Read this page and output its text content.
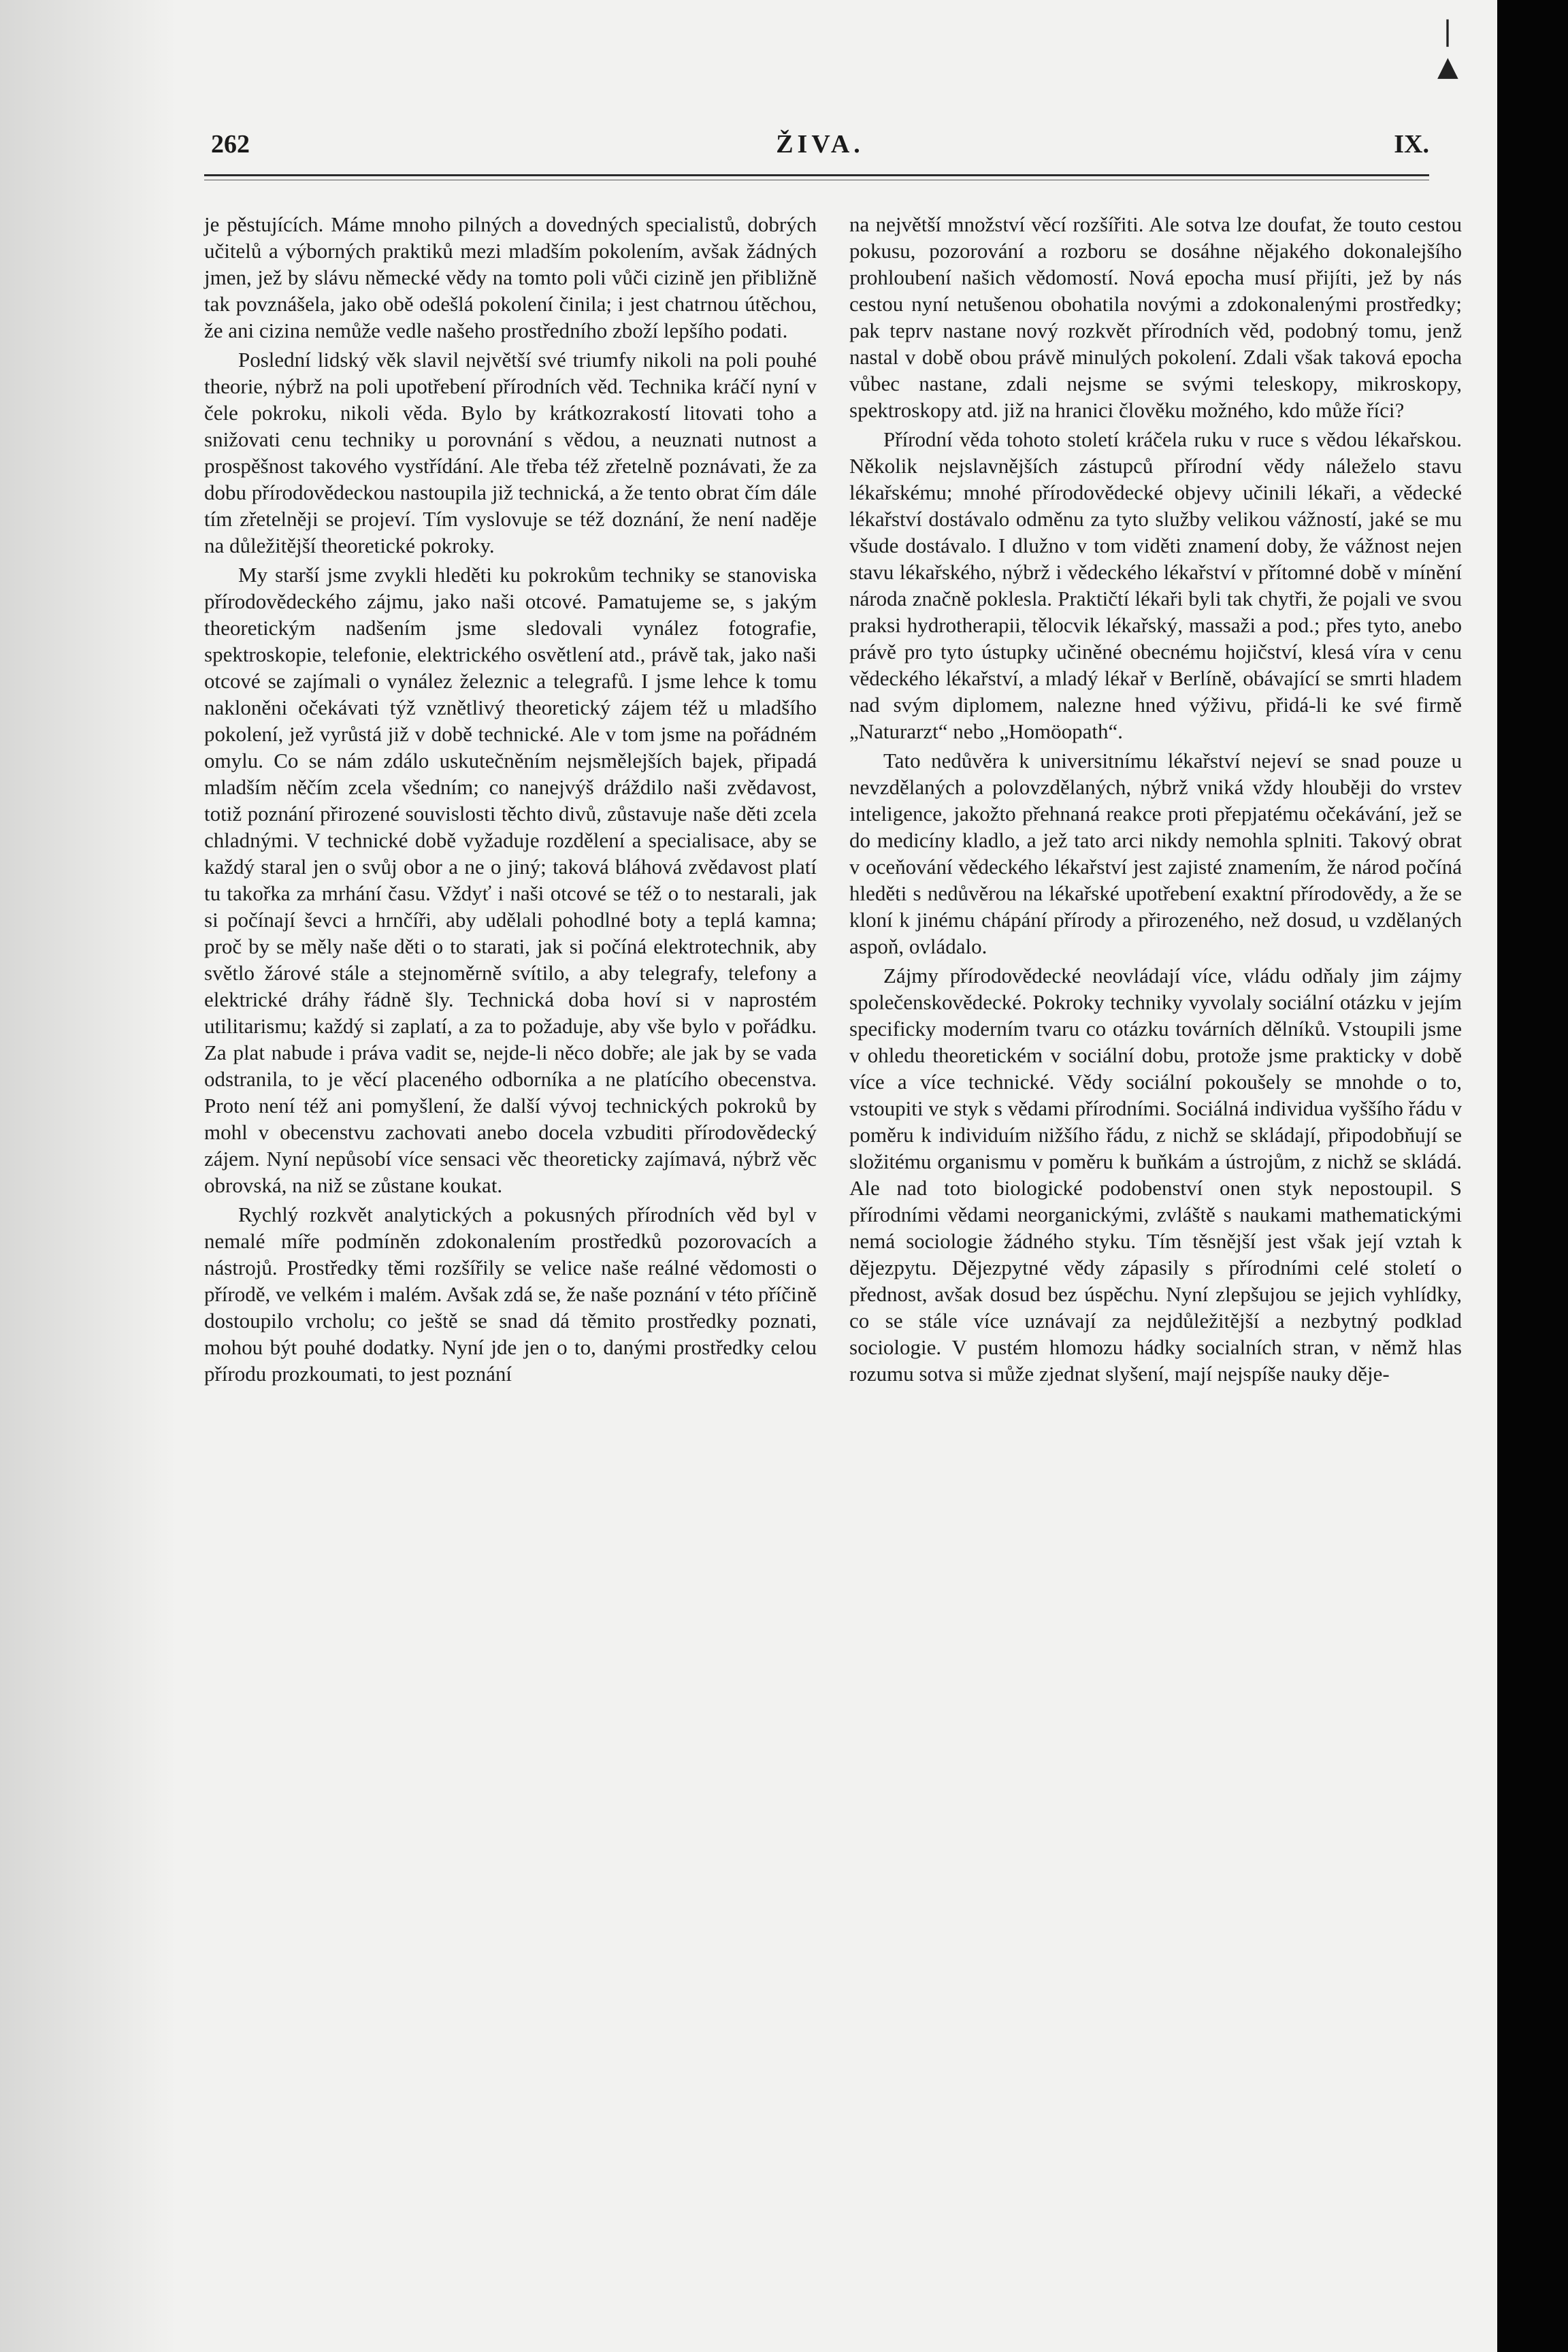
|
▲
262	ŽIVA.	IX.

je pěstujících. Máme mnoho pilných a dovedných specialistů, dobrých učitelů a výborných praktiků mezi mladším pokolením, avšak žádných jmen, jež by slávu německé vědy na tomto poli vůči cizině jen přibližně tak povznášela, jako obě odešlá pokolení činila; i jest chatrnou útěchou, že ani cizina nemůže vedle našeho prostředního zboží lepšího podati.

Poslední lidský věk slavil největší své triumfy nikoli na poli pouhé theorie, nýbrž na poli upotřebení přírodních věd. Technika kráčí nyní v čele pokroku, nikoli věda. Bylo by krátkozrakostí litovati toho a snižovati cenu techniky u porovnání s vědou, a neuznati nutnost a prospěšnost takového vystřídání. Ale třeba též zřetelně poznávati, že za dobu přírodovědeckou nastoupila již technická, a že tento obrat čím dále tím zřetelněji se projeví. Tím vyslovuje se též doznání, že není naděje na důležitější theoretické pokroky.

My starší jsme zvykli hleděti ku pokrokům techniky se stanoviska přírodovědeckého zájmu, jako naši otcové. Pamatujeme se, s jakým theoretickým nadšením jsme sledovali vynález fotografie, spektroskopie, telefonie, elektrického osvětlení atd., právě tak, jako naši otcové se zajímali o vynález železnic a telegrafů. I jsme lehce k tomu nakloněni očekávati týž vznětlivý theoretický zájem též u mladšího pokolení, jež vyrůstá již v době technické. Ale v tom jsme na pořádném omylu. Co se nám zdálo uskutečněním nejsmělejších bajek, připadá mladším něčím zcela všedním; co nanejvýš dráždilo naši zvědavost, totiž poznání přirozené souvislosti těchto divů, zůstavuje naše děti zcela chladnými. V technické době vyžaduje rozdělení a specialisace, aby se každý staral jen o svůj obor a ne o jiný; taková bláhová zvědavost platí tu takořka za mrhání času. Vždyť i naši otcové se též o to nestarali, jak si počínají ševci a hrnčíři, aby udělali pohodlné boty a teplá kamna; proč by se měly naše děti o to starati, jak si počíná elektrotechnik, aby světlo žárové stále a stejnoměrně svítilo, a aby telegrafy, telefony a elektrické dráhy řádně šly. Technická doba hoví si v naprostém utilitarismu; každý si zaplatí, a za to požaduje, aby vše bylo v pořádku. Za plat nabude i práva vadit se, nejde-li něco dobře; ale jak by se vada odstranila, to je věcí placeného odborníka a ne platícího obecenstva. Proto není též ani pomyšlení, že další vývoj technických pokroků by mohl v obecenstvu zachovati anebo docela vzbuditi přírodovědecký zájem. Nyní nepůsobí více sensaci věc theoreticky zajímavá, nýbrž věc obrovská, na niž se zůstane koukat.

Rychlý rozkvět analytických a pokusných přírodních věd byl v nemalé míře podmíněn zdokonalením prostředků pozorovacích a nástrojů. Prostředky těmi rozšířily se velice naše reálné vědomosti o přírodě, ve velkém i malém. Avšak zdá se, že naše poznání v této příčině dostoupilo vrcholu; co ještě se snad dá těmito prostředky poznati, mohou být pouhé dodatky. Nyní jde jen o to, danými prostředky celou přírodu prozkoumati, to jest poznání

na největší množství věcí rozšířiti. Ale sotva lze doufat, že touto cestou pokusu, pozorování a rozboru se dosáhne nějakého dokonalejšího prohloubení našich vědomostí. Nová epocha musí přijíti, jež by nás cestou nyní netušenou obohatila novými a zdokonalenými prostředky; pak teprv nastane nový rozkvět přírodních věd, podobný tomu, jenž nastal v době obou právě minulých pokolení. Zdali však taková epocha vůbec nastane, zdali nejsme se svými teleskopy, mikroskopy, spektroskopy atd. již na hranici člověku možného, kdo může říci?

Přírodní věda tohoto století kráčela ruku v ruce s vědou lékařskou. Několik nejslavnějších zástupců přírodní vědy náleželo stavu lékařskému; mnohé přírodovědecké objevy učinili lékaři, a vědecké lékařství dostávalo odměnu za tyto služby velikou vážností, jaké se mu všude dostávalo. I dlužno v tom viděti znamení doby, že vážnost nejen stavu lékařského, nýbrž i vědeckého lékařství v přítomné době v mínění národa značně poklesla. Praktičtí lékaři byli tak chytři, že pojali ve svou praksi hydrotherapii, tělocvik lékařský, massaži a pod.; přes tyto, anebo právě pro tyto ústupky učiněné obecnému hojičství, klesá víra v cenu vědeckého lékařství, a mladý lékař v Berlíně, obávající se smrti hladem nad svým diplomem, nalezne hned výživu, přidá-li ke své firmě „Naturarzt“ nebo „Homöopath“.

Tato nedůvěra k universitnímu lékařství nejeví se snad pouze u nevzdělaných a polovzdělaných, nýbrž vniká vždy hlouběji do vrstev inteligence, jakožto přehnaná reakce proti přepjatému očekávání, jež se do medicíny kladlo, a jež tato arci nikdy nemohla splniti. Takový obrat v oceňování vědeckého lékařství jest zajisté znamením, že národ počíná hleděti s nedůvěrou na lékařské upotřebení exaktní přírodovědy, a že se kloní k jinému chápání přírody a přirozeného, než dosud, u vzdělaných aspoň, ovládalo.

Zájmy přírodovědecké neovládají více, vládu odňaly jim zájmy společenskovědecké. Pokroky techniky vyvolaly sociální otázku v jejím specificky moderním tvaru co otázku továrních dělníků. Vstoupili jsme v ohledu theoretickém v sociální dobu, protože jsme prakticky v době více a více technické. Vědy sociální pokoušely se mnohde o to, vstoupiti ve styk s vědami přírodními. Sociálná individua vyššího řádu v poměru k individuím nižšího řádu, z nichž se skládají, připodobňují se složitému organismu v poměru k buňkám a ústrojům, z nichž se skládá. Ale nad toto biologické podobenství onen styk nepostoupil. S přírodními vědami neorganickými, zvláště s naukami mathematickými nemá sociologie žádného styku. Tím těsnější jest však její vztah k dějezpytu. Dějezpytné vědy zápasily s přírodními celé století o přednost, avšak dosud bez úspěchu. Nyní zlepšujou se jejich vyhlídky, co se stále více uznávají za nejdůležitější a nezbytný podklad sociologie. V pustém hlomozu hádky socialních stran, v němž hlas rozumu sotva si může zjednat slyšení, mají nejspíše nauky děje-
